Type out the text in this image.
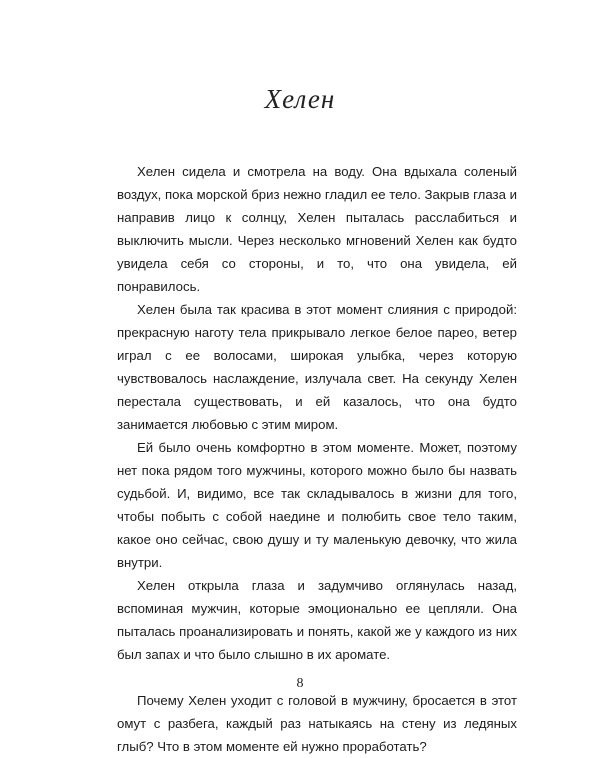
Хелен

Хелен сидела и смотрела на воду. Она вдыхала соленый воздух, пока морской бриз нежно гладил ее тело. Закрыв глаза и направив лицо к солнцу, Хелен пыталась расслабиться и выключить мысли. Через несколько мгновений Хелен как будто увидела себя со стороны, и то, что она увидела, ей понравилось.

Хелен была так красива в этот момент слияния с природой: прекрасную наготу тела прикрывало легкое белое парео, ветер играл с ее волосами, широкая улыбка, через которую чувствовалось наслаждение, излучала свет. На секунду Хелен перестала существовать, и ей казалось, что она будто занимается любовью с этим миром.

Ей было очень комфортно в этом моменте. Может, поэтому нет пока рядом того мужчины, которого можно было бы назвать судьбой. И, видимо, все так складывалось в жизни для того, чтобы побыть с собой наедине и полюбить свое тело таким, какое оно сейчас, свою душу и ту маленькую девочку, что жила внутри.

Хелен открыла глаза и задумчиво оглянулась назад, вспоминая мужчин, которые эмоционально ее цепляли. Она пыталась проанализировать и понять, какой же у каждого из них был запах и что было слышно в их аромате.

Почему Хелен уходит с головой в мужчину, бросается в этот омут с разбега, каждый раз натыкаясь на стену из ледяных глыб? Что в этом моменте ей нужно проработать?

8
